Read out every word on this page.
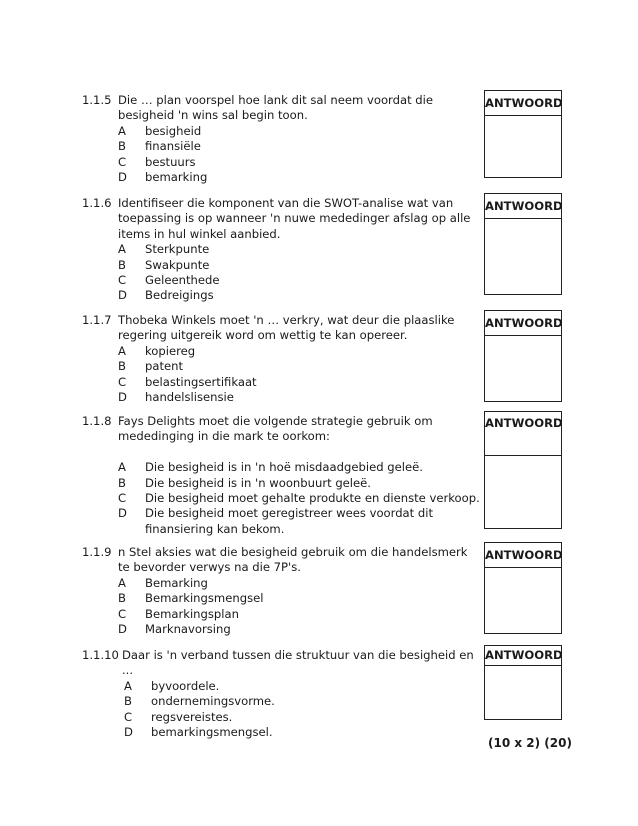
1.1.5 Die … plan voorspel hoe lank dit sal neem voordat die besigheid 'n wins sal begin toon.
A besigheid
B finansiële
C bestuurs
D bemarking
ANTWOORD
1.1.6 Identifiseer die komponent van die SWOT-analise wat van toepassing is op wanneer 'n nuwe mededinger afslag op alle items in hul winkel aanbied.
A Sterkpunte
B Swakpunte
C Geleenthede
D Bedreigings
ANTWOORD
1.1.7 Thobeka Winkels moet 'n … verkry, wat deur die plaaslike regering uitgereik word om wettig te kan opereer.
A kopiereg
B patent
C belastingsertifikaat
D handelslisensie
ANTWOORD
1.1.8 Fays Delights moet die volgende strategie gebruik om mededinging in die mark te oorkom:
A Die besigheid is in 'n hoë misdaadgebied geleë.
B Die besigheid is in 'n woonbuurt geleë.
C Die besigheid moet gehalte produkte en dienste verkoop.
D Die besigheid moet geregistreer wees voordat dit finansiering kan bekom.
ANTWOORD
1.1.9 n Stel aksies wat die besigheid gebruik om die handelsmerk te bevorder verwys na die 7P's.
A Bemarking
B Bemarkingsmengsel
C Bemarkingsplan
D Marknavorsing
ANTWOORD
1.1.10 Daar is 'n verband tussen die struktuur van die besigheid en ...
A byvoordele.
B ondernemingsvorme.
C regsvereistes.
D bemarkingsmengsel.
ANTWOORD
(10 x 2) (20)
